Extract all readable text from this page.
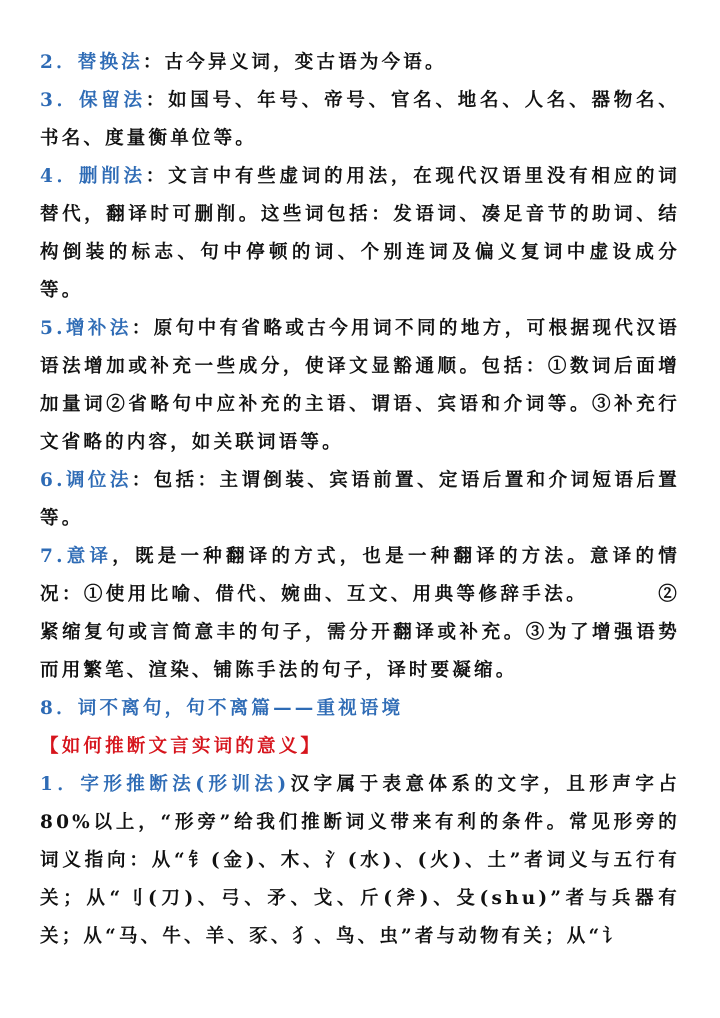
2．替换法：古今异义词，变古语为今语。

3．保留法：如国号、年号、帝号、官名、地名、人名、器物名、书名、度量衡单位等。

4．删削法：文言中有些虚词的用法，在现代汉语里没有相应的词替代，翻译时可删削。这些词包括：发语词、凑足音节的助词、结构倒装的标志、句中停顿的词、个别连词及偏义复词中虚设成分等。

5.增补法：原句中有省略或古今用词不同的地方，可根据现代汉语语法增加或补充一些成分，使译文显豁通顺。包括：①数词后面增加量词②省略句中应补充的主语、谓语、宾语和介词等。③补充行文省略的内容，如关联词语等。

6.调位法：包括：主谓倒装、宾语前置、定语后置和介词短语后置等。

7.意译，既是一种翻译的方式，也是一种翻译的方法。意译的情况：①使用比喻、借代、婉曲、互文、用典等修辞手法。	②紧缩复句或言简意丰的句子，需分开翻译或补充。③为了增强语势而用繁笔、渲染、铺陈手法的句子，译时要凝缩。

8．词不离句，句不离篇——重视语境

【如何推断文言实词的意义】

1．字形推断法(形训法)汉字属于表意体系的文字，且形声字占80%以上，“形旁”给我们推断词义带来有利的条件。常见形旁的词义指向：从“钅(金)、木、氵(水)、(火)、土”者词义与五行有关；从“刂(刀)、弓、矛、戈、斤(斧)、殳(shu)”者与兵器有关；从“马、牛、羊、豕、犭、鸟、虫”者与动物有关；从“讠
